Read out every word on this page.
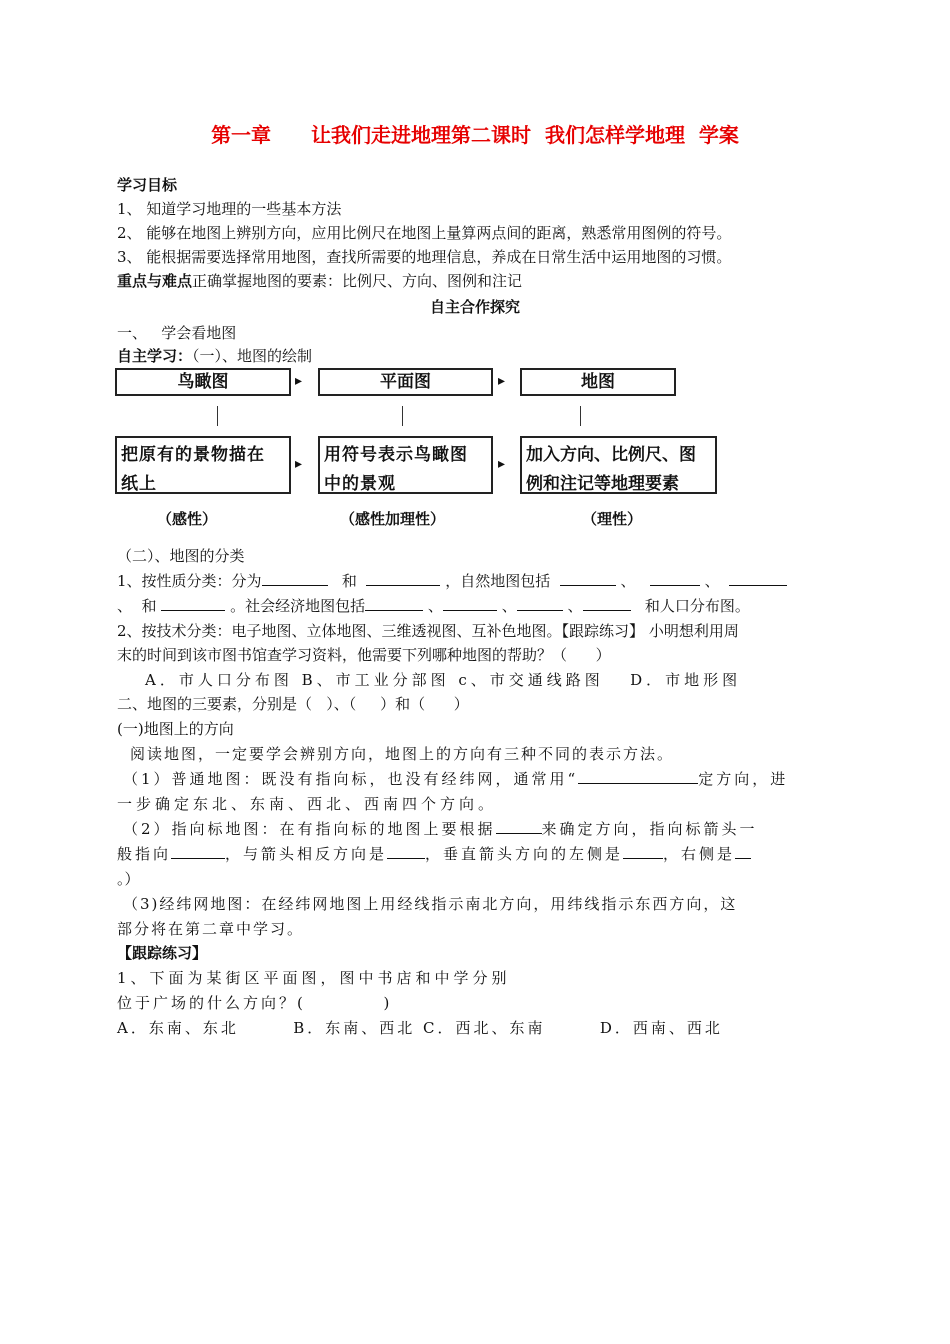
第一章　　让我们走进地理第二课时  我们怎样学地理  学案
学习目标
1、 知道学习地理的一些基本方法
2、 能够在地图上辨别方向，应用比例尺在地图上量算两点间的距离，熟悉常用图例的符号。
3、 能根据需要选择常用地图，查找所需要的地理信息，养成在日常生活中运用地图的习惯。
重点与难点正确掌握地图的要素：比例尺、方向、图例和注记
自主合作探究
一、   学会看地图
自主学习：（一）、地图的绘制
鸟瞰图	▸	平面图	▸	地图
把原有的景物描在
纸上
▸ 用符号表示鸟瞰图
中的景观
▸ 加入方向、比例尺、图
例和注记等地理要素
（感性）	（感性加理性）	（理性）
（二）、地图的分类
1、按性质分类：分为	和	，自然地图包括	、	、
、  和	。社会经济地图包括	、	、	、	和人口分布图。
2、按技术分类：电子地图、立体地图、三维透视图、互补色地图。【跟踪练习】 小明想利用周
末的时间到该市图书馆查学习资料，他需要下列哪种地图的帮助？（      ）
A．市人口分布图 B、市工业分部图 c、市交通线路图   D．市地形图
二、地图的三要素，分别是（   ）、（     ）和（      ）
(一)地图上的方向
阅读地图，一定要学会辨别方向，地图上的方向有三种不同的表示方法。
（1）普通地图：既没有指向标，也没有经纬网，通常用“	定方向，进
一步确定东北、东南、西北、西南四个方向。
（2）指向标地图：在有指向标的地图上要根据	来确定方向，指向标箭头一
般指向	，与箭头相反方向是	，垂直箭头方向的左侧是	，右侧是
。）
（3)经纬网地图：在经纬网地图上用经线指示南北方向，用纬线指示东西方向，这
部分将在第二章中学习。
【跟踪练习】
1、下面为某街区平面图，图中书店和中学分别
位于广场的什么方向？(          )
A．东南、东北       B．东南、西北 C．西北、东南       D．西南、西北
